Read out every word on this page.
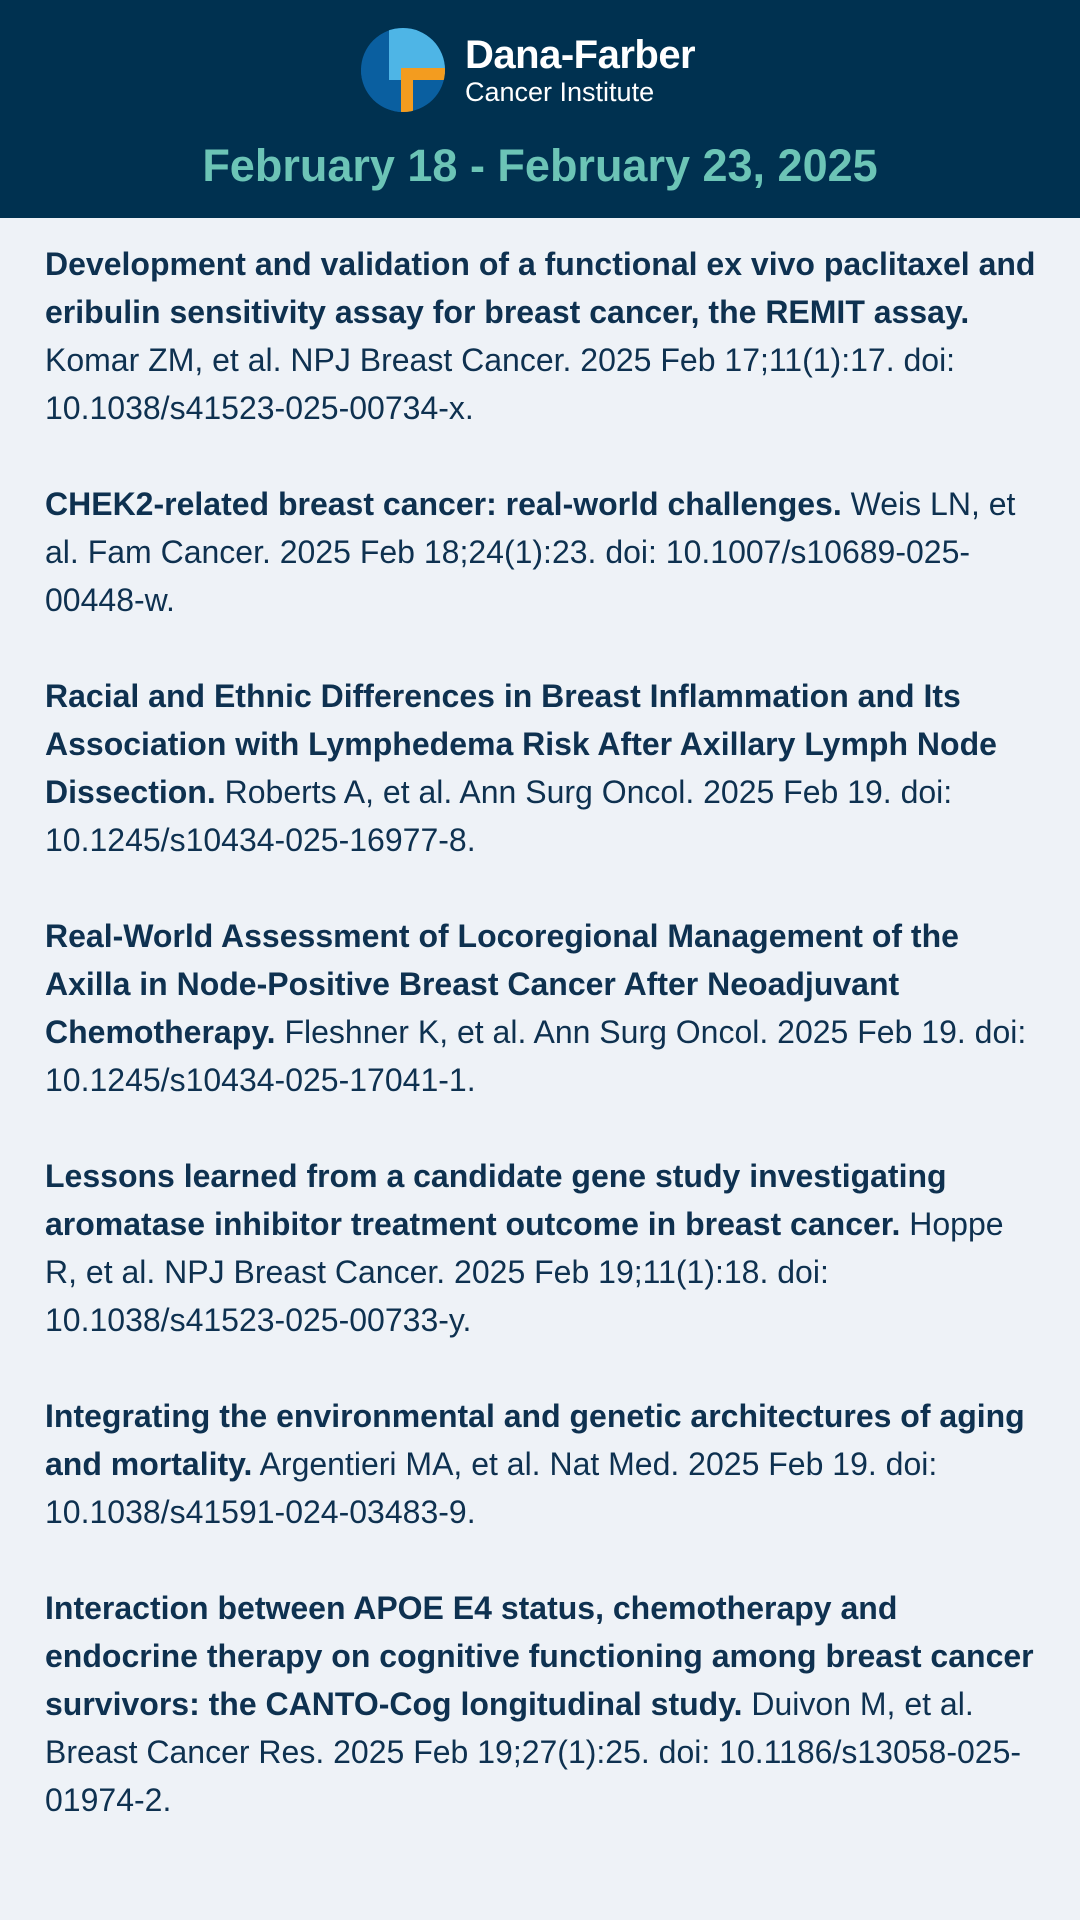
Dana-Farber
Cancer Institute
February 18 - February 23, 2025

Development and validation of a functional ex vivo paclitaxel and eribulin sensitivity assay for breast cancer, the REMIT assay. Komar ZM, et al. NPJ Breast Cancer. 2025 Feb 17;11(1):17. doi: 10.1038/s41523-025-00734-x.

CHEK2-related breast cancer: real-world challenges. Weis LN, et al. Fam Cancer. 2025 Feb 18;24(1):23. doi: 10.1007/s10689-025-00448-w.

Racial and Ethnic Differences in Breast Inflammation and Its Association with Lymphedema Risk After Axillary Lymph Node Dissection. Roberts A, et al. Ann Surg Oncol. 2025 Feb 19. doi: 10.1245/s10434-025-16977-8.

Real-World Assessment of Locoregional Management of the Axilla in Node-Positive Breast Cancer After Neoadjuvant Chemotherapy. Fleshner K, et al. Ann Surg Oncol. 2025 Feb 19. doi: 10.1245/s10434-025-17041-1.

Lessons learned from a candidate gene study investigating aromatase inhibitor treatment outcome in breast cancer. Hoppe R, et al. NPJ Breast Cancer. 2025 Feb 19;11(1):18. doi: 10.1038/s41523-025-00733-y.

Integrating the environmental and genetic architectures of aging and mortality. Argentieri MA, et al. Nat Med. 2025 Feb 19. doi: 10.1038/s41591-024-03483-9.

Interaction between APOE E4 status, chemotherapy and endocrine therapy on cognitive functioning among breast cancer survivors: the CANTO-Cog longitudinal study. Duivon M, et al. Breast Cancer Res. 2025 Feb 19;27(1):25. doi: 10.1186/s13058-025-01974-2.
